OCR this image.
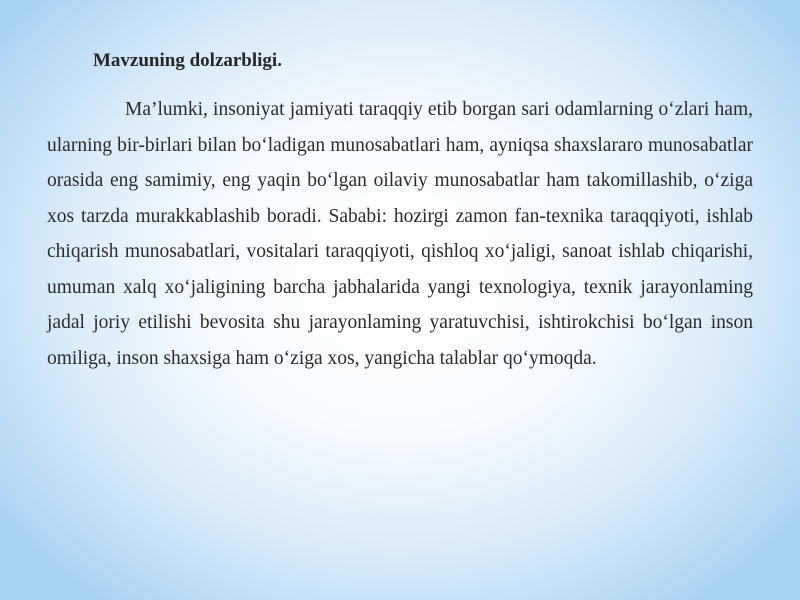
Mavzuning dolzarbligi.

Ma’lumki, insoniyat jamiyati taraqqiy etib borgan sari odamlarning o‘zlari ham, ularning bir-birlari bilan bo‘ladigan munosabatlari ham, ayniqsa shaxslararo munosabatlar orasida eng samimiy, eng yaqin bo‘lgan oilaviy munosabatlar ham takomillashib, o‘ziga xos tarzda murakkablashib boradi. Sababi: hozirgi zamon fan-texnika taraqqiyoti, ishlab chiqarish munosabatlari, vositalari taraqqiyoti, qishloq xo‘jaligi, sanoat ishlab chiqarishi, umuman xalq xo‘jaligining barcha jabhalarida yangi texnologiya, texnik jarayonlaming jadal joriy etilishi bevosita shu jarayonlaming yaratuvchisi, ishtirokchisi bo‘lgan inson omiliga, inson shaxsiga ham o‘ziga xos, yangicha talablar qo‘ymoqda.
